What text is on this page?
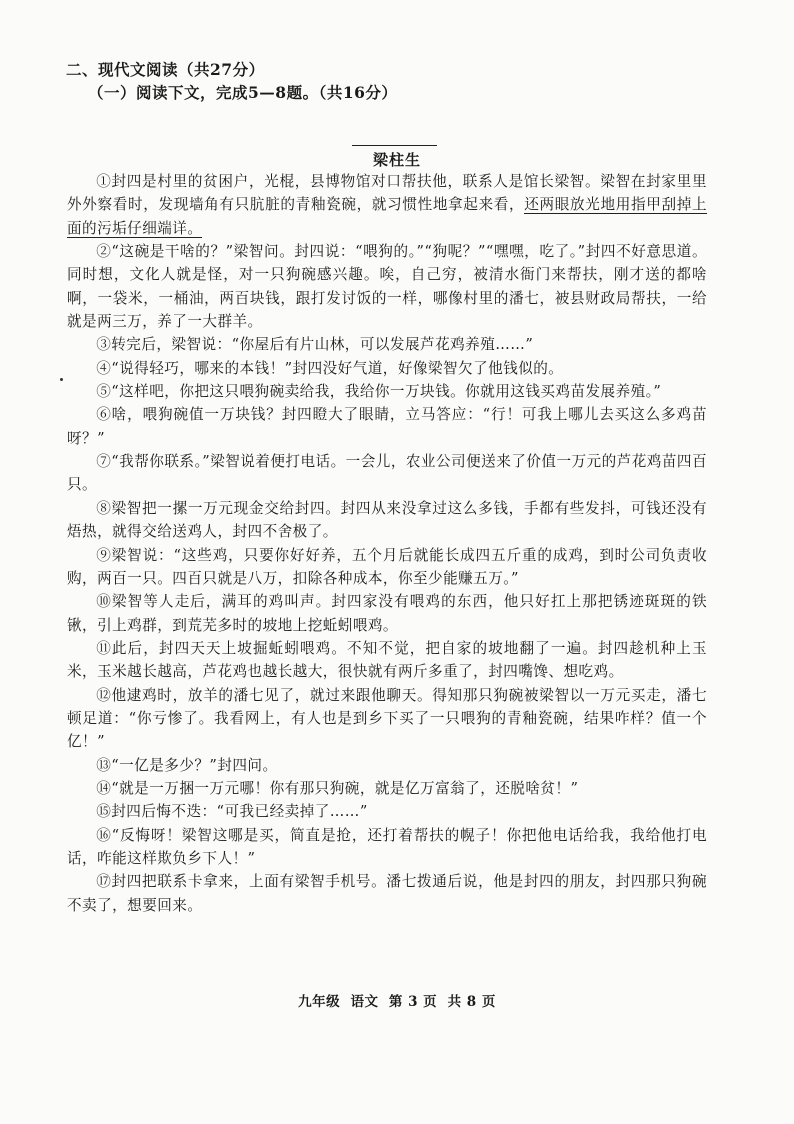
二、现代文阅读（共27分）
（一）阅读下文，完成5—8题。（共16分）
梁柱生

①封四是村里的贫困户，光棍，县博物馆对口帮扶他，联系人是馆长梁智。梁智在封家里里外外察看时，发现墙角有只肮脏的青釉瓷碗，就习惯性地拿起来看，还两眼放光地用指甲刮掉上面的污垢仔细端详。

②“这碗是干啥的？”梁智问。封四说：“喂狗的。”“狗呢？”“嘿嘿，吃了。”封四不好意思道。同时想，文化人就是怪，对一只狗碗感兴趣。唉，自己穷，被清水衙门来帮扶，刚才送的都啥啊，一袋米，一桶油，两百块钱，跟打发讨饭的一样，哪像村里的潘七，被县财政局帮扶，一给就是两三万，养了一大群羊。

③转完后，梁智说：“你屋后有片山林，可以发展芦花鸡养殖……”

④“说得轻巧，哪来的本钱！”封四没好气道，好像梁智欠了他钱似的。

⑤“这样吧，你把这只喂狗碗卖给我，我给你一万块钱。你就用这钱买鸡苗发展养殖。”

⑥啥，喂狗碗值一万块钱？封四瞪大了眼睛，立马答应：“行！可我上哪儿去买这么多鸡苗呀？”

⑦“我帮你联系。”梁智说着便打电话。一会儿，农业公司便送来了价值一万元的芦花鸡苗四百只。

⑧梁智把一摞一万元现金交给封四。封四从来没拿过这么多钱，手都有些发抖，可钱还没有焐热，就得交给送鸡人，封四不舍极了。

⑨梁智说：“这些鸡，只要你好好养，五个月后就能长成四五斤重的成鸡，到时公司负责收购，两百一只。四百只就是八万，扣除各种成本，你至少能赚五万。”

⑩梁智等人走后，满耳的鸡叫声。封四家没有喂鸡的东西，他只好扛上那把锈迹斑斑的铁锹，引上鸡群，到荒芜多时的坡地上挖蚯蚓喂鸡。

⑪此后，封四天天上坡掘蚯蚓喂鸡。不知不觉，把自家的坡地翻了一遍。封四趁机种上玉米，玉米越长越高，芦花鸡也越长越大，很快就有两斤多重了，封四嘴馋、想吃鸡。

⑫他逮鸡时，放羊的潘七见了，就过来跟他聊天。得知那只狗碗被梁智以一万元买走，潘七顿足道：“你亏惨了。我看网上，有人也是到乡下买了一只喂狗的青釉瓷碗，结果咋样？值一个亿！”

⑬“一亿是多少？”封四问。

⑭“就是一万捆一万元哪！你有那只狗碗，就是亿万富翁了，还脱啥贫！”

⑮封四后悔不迭：“可我已经卖掉了……”

⑯“反悔呀！梁智这哪是买，简直是抢，还打着帮扶的幌子！你把他电话给我，我给他打电话，咋能这样欺负乡下人！”

⑰封四把联系卡拿来，上面有梁智手机号。潘七拨通后说，他是封四的朋友，封四那只狗碗不卖了，想要回来。

九年级  语文  第 3 页  共 8 页
